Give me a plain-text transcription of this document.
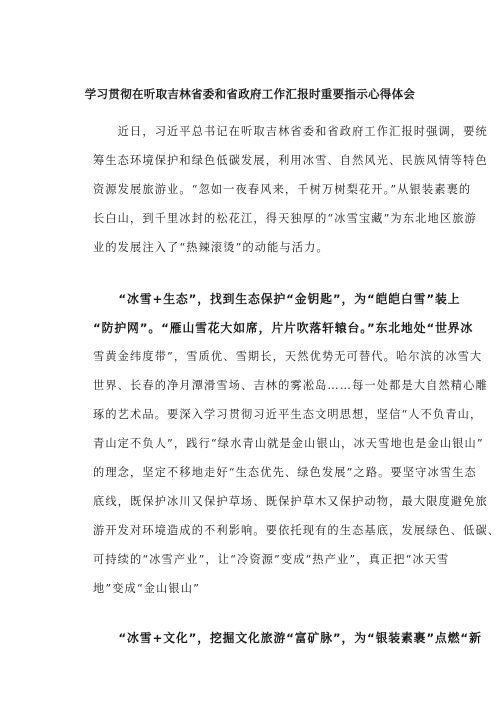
学习贯彻在听取吉林省委和省政府工作汇报时重要指示心得体会
　　近日，习近平总书记在听取吉林省委和省政府工作汇报时强调，要统
筹生态环境保护和绿色低碳发展，利用冰雪、自然风光、民族风情等特色
资源发展旅游业。“忽如一夜春风来，千树万树梨花开。”从银装素裹的
长白山，到千里冰封的松花江，得天独厚的“冰雪宝藏”为东北地区旅游
业的发展注入了“热辣滚烫”的动能与活力。
　　“冰雪+生态”，找到生态保护“金钥匙”，为“皑皑白雪”装上
“防护网”。“雁山雪花大如席，片片吹落轩辕台。”东北地处“世界冰
雪黄金纬度带”，雪质优、雪期长，天然优势无可替代。哈尔滨的冰雪大
世界、长春的净月潭滑雪场、吉林的雾凇岛……每一处都是大自然精心雕
琢的艺术品。要深入学习贯彻习近平生态文明思想，坚信“人不负青山，
青山定不负人”，践行“绿水青山就是金山银山，冰天雪地也是金山银山”
的理念，坚定不移地走好“生态优先、绿色发展”之路。要坚守冰雪生态
底线，既保护冰川又保护草场、既保护草木又保护动物，最大限度避免旅
游开发对环境造成的不利影响。要依托现有的生态基底，发展绿色、低碳、
可持续的“冰雪产业”，让“冷资源”变成“热产业”，真正把“冰天雪
地”变成“金山银山”
　　“冰雪+文化”，挖掘文化旅游“富矿脉”，为“银装素裹”点燃“新
